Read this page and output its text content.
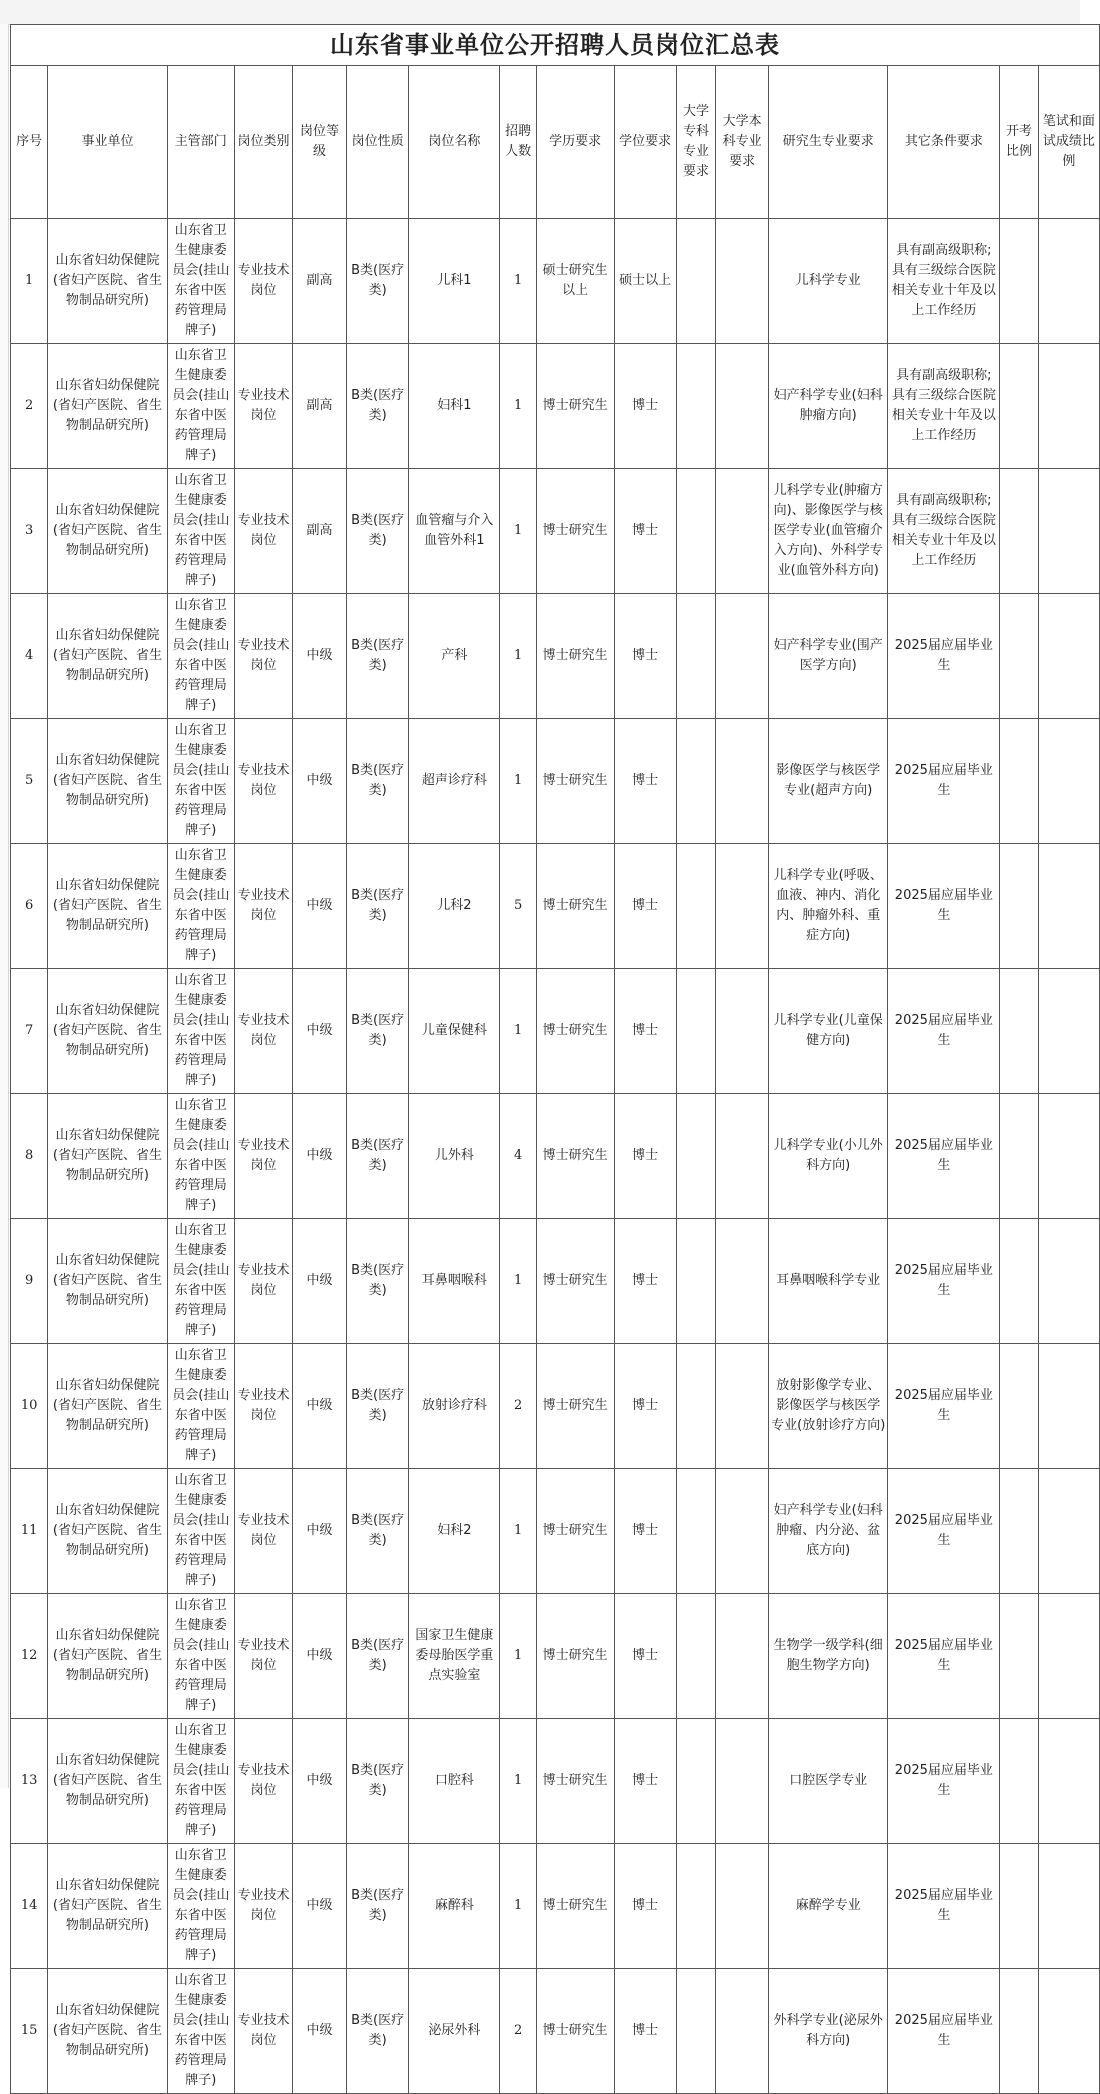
山东省事业单位公开招聘人员岗位汇总表															
序号	事业单位	主管部门	岗位类别	岗位等级	岗位性质	岗位名称	招聘人数	学历要求	学位要求	大学专科专业要求	大学本科专业要求	研究生专业要求	其它条件要求	开考比例	笔试和面试成绩比例
1	山东省妇幼保健院(省妇产医院、省生物制品研究所)	山东省卫生健康委员会(挂山东省中医药管理局牌子)	专业技术岗位	副高	B类(医疗类)	儿科1	1	硕士研究生以上	硕士以上			儿科学专业	具有副高级职称;具有三级综合医院相关专业十年及以上工作经历		
2	山东省妇幼保健院(省妇产医院、省生物制品研究所)	山东省卫生健康委员会(挂山东省中医药管理局牌子)	专业技术岗位	副高	B类(医疗类)	妇科1	1	博士研究生	博士			妇产科学专业(妇科肿瘤方向)	具有副高级职称;具有三级综合医院相关专业十年及以上工作经历		
3	山东省妇幼保健院(省妇产医院、省生物制品研究所)	山东省卫生健康委员会(挂山东省中医药管理局牌子)	专业技术岗位	副高	B类(医疗类)	血管瘤与介入血管外科1	1	博士研究生	博士			儿科学专业(肿瘤方向)、影像医学与核医学专业(血管瘤介入方向)、外科学专业(血管外科方向)	具有副高级职称;具有三级综合医院相关专业十年及以上工作经历		
4	山东省妇幼保健院(省妇产医院、省生物制品研究所)	山东省卫生健康委员会(挂山东省中医药管理局牌子)	专业技术岗位	中级	B类(医疗类)	产科	1	博士研究生	博士			妇产科学专业(围产医学方向)	2025届应届毕业生		
5	山东省妇幼保健院(省妇产医院、省生物制品研究所)	山东省卫生健康委员会(挂山东省中医药管理局牌子)	专业技术岗位	中级	B类(医疗类)	超声诊疗科	1	博士研究生	博士			影像医学与核医学专业(超声方向)	2025届应届毕业生		
6	山东省妇幼保健院(省妇产医院、省生物制品研究所)	山东省卫生健康委员会(挂山东省中医药管理局牌子)	专业技术岗位	中级	B类(医疗类)	儿科2	5	博士研究生	博士			儿科学专业(呼吸、血液、神内、消化内、肿瘤外科、重症方向)	2025届应届毕业生		
7	山东省妇幼保健院(省妇产医院、省生物制品研究所)	山东省卫生健康委员会(挂山东省中医药管理局牌子)	专业技术岗位	中级	B类(医疗类)	儿童保健科	1	博士研究生	博士			儿科学专业(儿童保健方向)	2025届应届毕业生		
8	山东省妇幼保健院(省妇产医院、省生物制品研究所)	山东省卫生健康委员会(挂山东省中医药管理局牌子)	专业技术岗位	中级	B类(医疗类)	儿外科	4	博士研究生	博士			儿科学专业(小儿外科方向)	2025届应届毕业生		
9	山东省妇幼保健院(省妇产医院、省生物制品研究所)	山东省卫生健康委员会(挂山东省中医药管理局牌子)	专业技术岗位	中级	B类(医疗类)	耳鼻咽喉科	1	博士研究生	博士			耳鼻咽喉科学专业	2025届应届毕业生		
10	山东省妇幼保健院(省妇产医院、省生物制品研究所)	山东省卫生健康委员会(挂山东省中医药管理局牌子)	专业技术岗位	中级	B类(医疗类)	放射诊疗科	2	博士研究生	博士			放射影像学专业、影像医学与核医学专业(放射诊疗方向)	2025届应届毕业生		
11	山东省妇幼保健院(省妇产医院、省生物制品研究所)	山东省卫生健康委员会(挂山东省中医药管理局牌子)	专业技术岗位	中级	B类(医疗类)	妇科2	1	博士研究生	博士			妇产科学专业(妇科肿瘤、内分泌、盆底方向)	2025届应届毕业生		
12	山东省妇幼保健院(省妇产医院、省生物制品研究所)	山东省卫生健康委员会(挂山东省中医药管理局牌子)	专业技术岗位	中级	B类(医疗类)	国家卫生健康委母胎医学重点实验室	1	博士研究生	博士			生物学一级学科(细胞生物学方向)	2025届应届毕业生		
13	山东省妇幼保健院(省妇产医院、省生物制品研究所)	山东省卫生健康委员会(挂山东省中医药管理局牌子)	专业技术岗位	中级	B类(医疗类)	口腔科	1	博士研究生	博士			口腔医学专业	2025届应届毕业生		
14	山东省妇幼保健院(省妇产医院、省生物制品研究所)	山东省卫生健康委员会(挂山东省中医药管理局牌子)	专业技术岗位	中级	B类(医疗类)	麻醉科	1	博士研究生	博士			麻醉学专业	2025届应届毕业生		
15	山东省妇幼保健院(省妇产医院、省生物制品研究所)	山东省卫生健康委员会(挂山东省中医药管理局牌子)	专业技术岗位	中级	B类(医疗类)	泌尿外科	2	博士研究生	博士			外科学专业(泌尿外科方向)	2025届应届毕业生		
